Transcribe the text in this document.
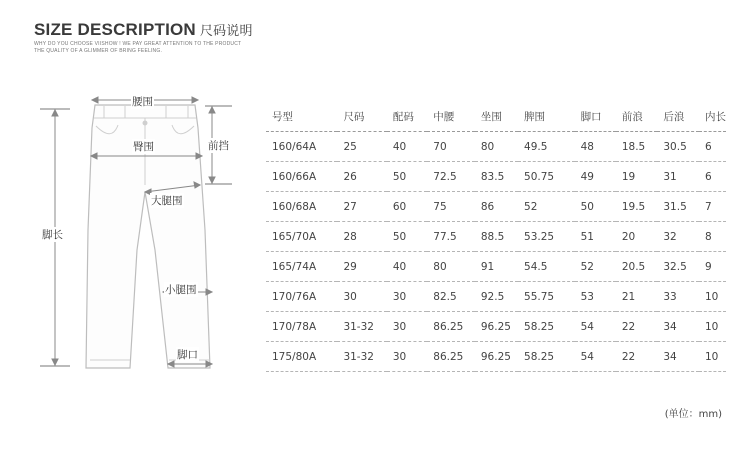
SIZE DESCRIPTION 尺码说明
WHY DO YOU CHOOSE VIISHOW ! WE PAY GREAT ATTENTION TO THE PRODUCT
THE QUALITY OF A GLIMMER OF BRING FEELING.
腰围
臀围	前挡
大腿围
脚长
小腿围
脚口
号型	尺码	配码	中腰	坐围	脾围	脚口	前浪	后浪	内长
160/64A	25	40	70	80	49.5	48	18.5	30.5	6
160/66A	26	50	72.5	83.5	50.75	49	19	31	6
160/68A	27	60	75	86	52	50	19.5	31.5	7
165/70A	28	50	77.5	88.5	53.25	51	20	32	8
165/74A	29	40	80	91	54.5	52	20.5	32.5	9
170/76A	30	30	82.5	92.5	55.75	53	21	33	10
170/78A	31-32	30	86.25	96.25	58.25	54	22	34	10
175/80A	31-32	30	86.25	96.25	58.25	54	22	34	10
(单位：mm)
